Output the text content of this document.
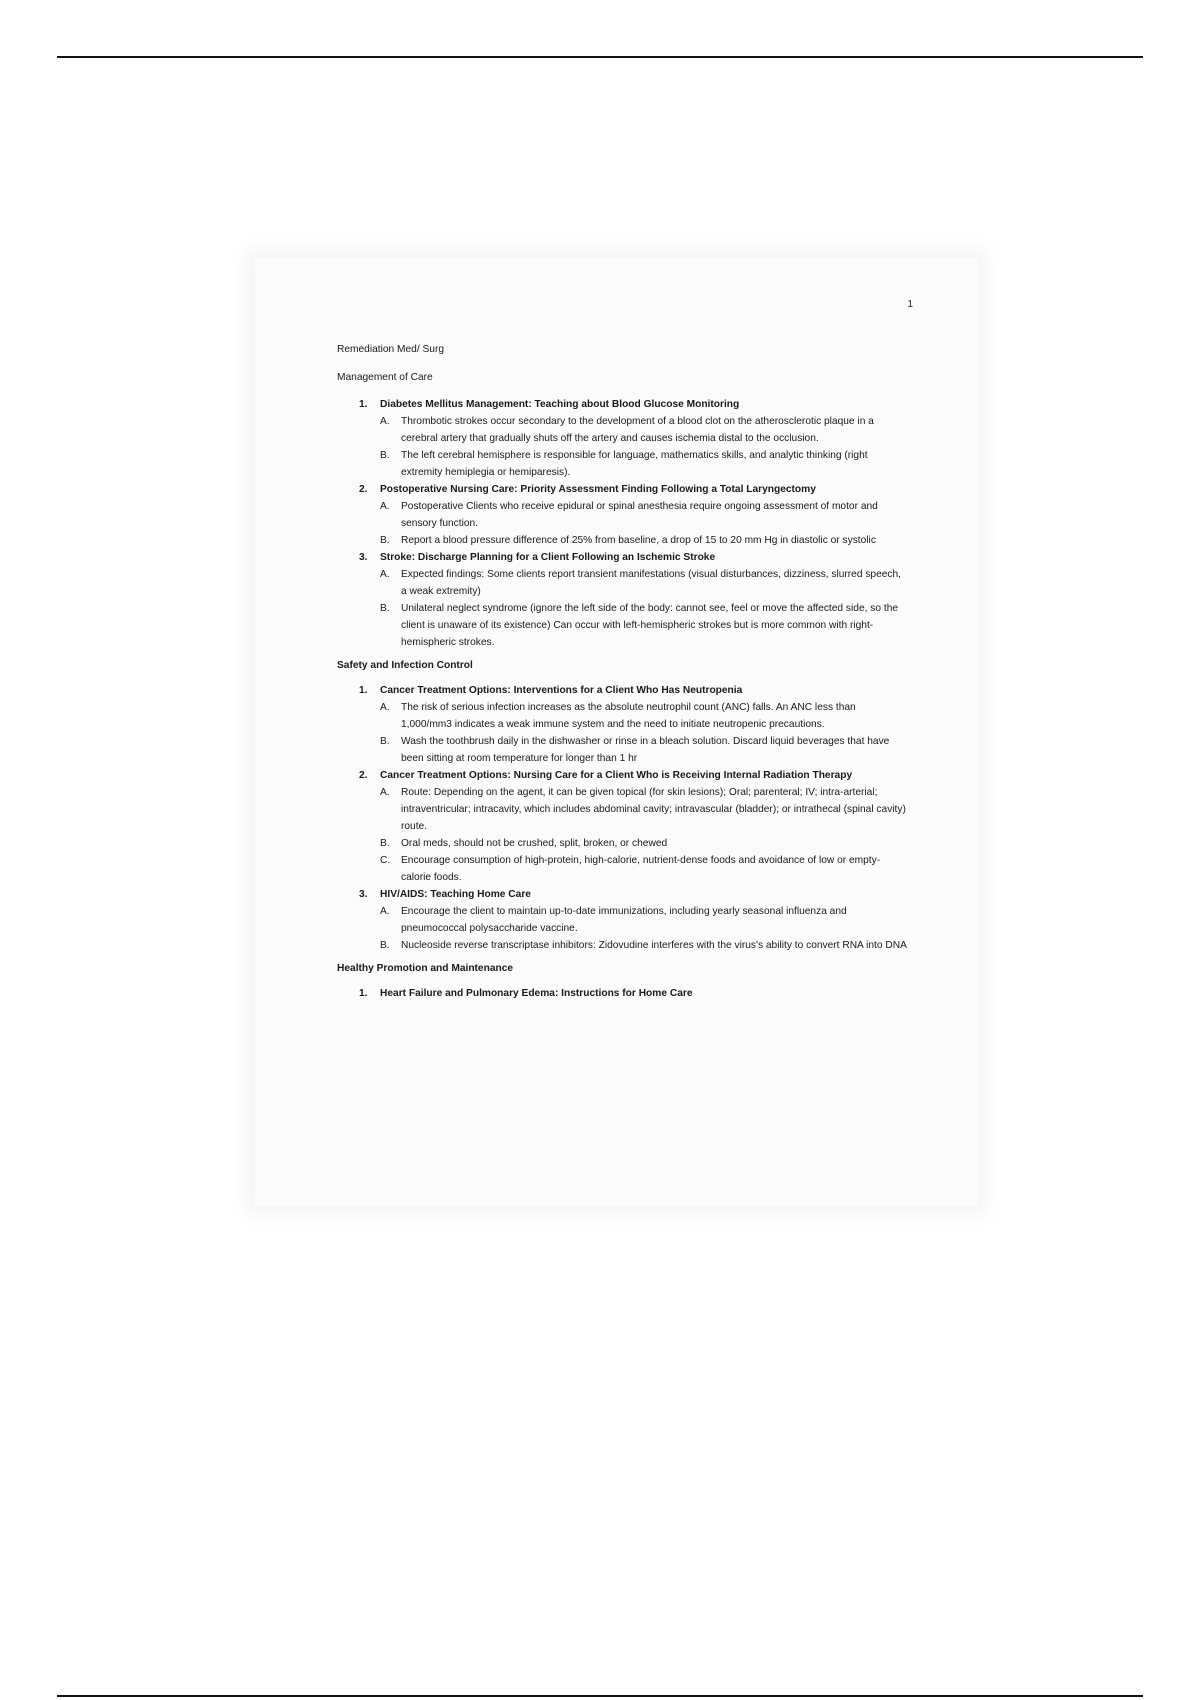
1

Remediation Med/ Surg

Management of Care

1. Diabetes Mellitus Management: Teaching about Blood Glucose Monitoring
A. Thrombotic strokes occur secondary to the development of a blood clot on the atherosclerotic plaque in a cerebral artery that gradually shuts off the artery and causes ischemia distal to the occlusion.
B. The left cerebral hemisphere is responsible for language, mathematics skills, and analytic thinking (right extremity hemiplegia or hemiparesis).
2. Postoperative Nursing Care: Priority Assessment Finding Following a Total Laryngectomy
A. Postoperative Clients who receive epidural or spinal anesthesia require ongoing assessment of motor and sensory function.
B. Report a blood pressure difference of 25% from baseline, a drop of 15 to 20 mm Hg in diastolic or systolic
3. Stroke: Discharge Planning for a Client Following an Ischemic Stroke
A. Expected findings: Some clients report transient manifestations (visual disturbances, dizziness, slurred speech, a weak extremity)
B. Unilateral neglect syndrome (ignore the left side of the body: cannot see, feel or move the affected side, so the client is unaware of its existence) Can occur with left-hemispheric strokes but is more common with right-hemispheric strokes.

Safety and Infection Control

1. Cancer Treatment Options: Interventions for a Client Who Has Neutropenia
A. The risk of serious infection increases as the absolute neutrophil count (ANC) falls. An ANC less than 1,000/mm3 indicates a weak immune system and the need to initiate neutropenic precautions.
B. Wash the toothbrush daily in the dishwasher or rinse in a bleach solution. Discard liquid beverages that have been sitting at room temperature for longer than 1 hr
2. Cancer Treatment Options: Nursing Care for a Client Who is Receiving Internal Radiation Therapy
A. Route: Depending on the agent, it can be given topical (for skin lesions); Oral; parenteral; IV; intra-arterial; intraventricular; intracavity, which includes abdominal cavity; intravascular (bladder); or intrathecal (spinal cavity) route.
B. Oral meds, should not be crushed, split, broken, or chewed
C. Encourage consumption of high-protein, high-calorie, nutrient-dense foods and avoidance of low or empty-calorie foods.
3. HIV/AIDS: Teaching Home Care
A. Encourage the client to maintain up-to-date immunizations, including yearly seasonal influenza and pneumococcal polysaccharide vaccine.
B. Nucleoside reverse transcriptase inhibitors: Zidovudine interferes with the virus's ability to convert RNA into DNA

Healthy Promotion and Maintenance

1. Heart Failure and Pulmonary Edema: Instructions for Home Care
